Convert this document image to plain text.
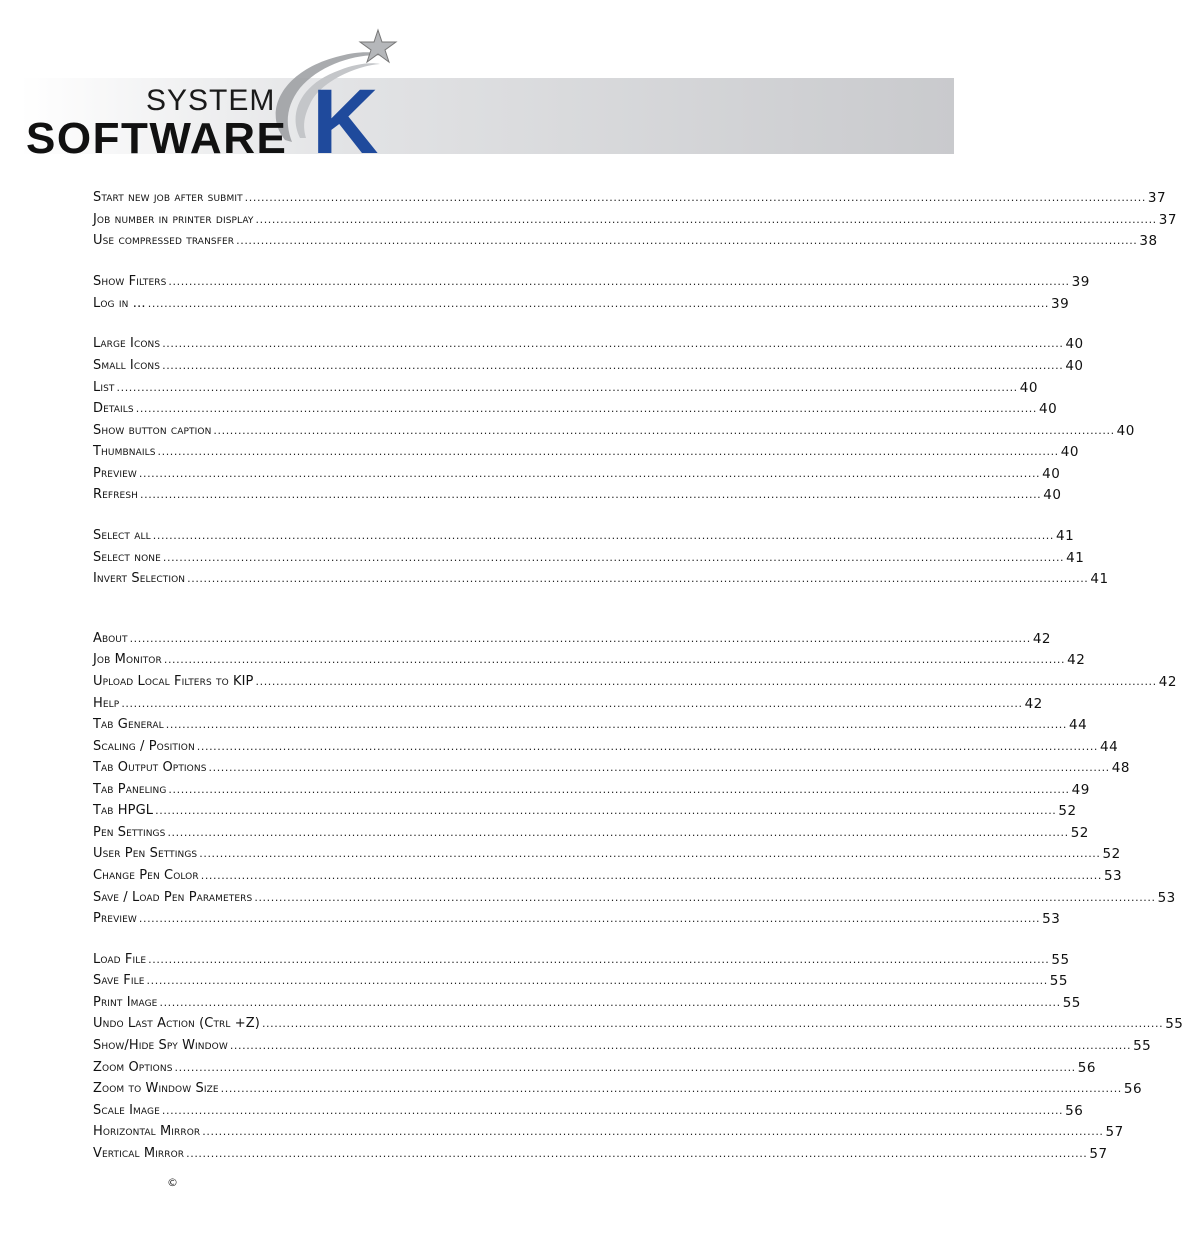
K
SYSTEM
SOFTWARE
Start new job after submit ............................................................................................................................................................................................................................ 37
Job number in printer display ............................................................................................................................................................................................................................ 37
Use compressed transfer ............................................................................................................................................................................................................................ 38
Show Filters ............................................................................................................................................................................................................................ 39
Log in … ............................................................................................................................................................................................................................ 39
Large Icons ............................................................................................................................................................................................................................ 40
Small Icons ............................................................................................................................................................................................................................ 40
List ............................................................................................................................................................................................................................ 40
Details ............................................................................................................................................................................................................................ 40
Show button caption ............................................................................................................................................................................................................................ 40
Thumbnails ............................................................................................................................................................................................................................ 40
Preview ............................................................................................................................................................................................................................ 40
Refresh ............................................................................................................................................................................................................................ 40
Select all ............................................................................................................................................................................................................................ 41
Select none ............................................................................................................................................................................................................................ 41
Invert Selection ............................................................................................................................................................................................................................ 41
About ............................................................................................................................................................................................................................ 42
Job Monitor ............................................................................................................................................................................................................................ 42
Upload Local Filters to KIP ............................................................................................................................................................................................................................ 42
Help ............................................................................................................................................................................................................................ 42
Tab General ............................................................................................................................................................................................................................ 44
Scaling / Position ............................................................................................................................................................................................................................ 44
Tab Output Options ............................................................................................................................................................................................................................ 48
Tab Paneling ............................................................................................................................................................................................................................ 49
Tab HPGL ............................................................................................................................................................................................................................ 52
Pen Settings ............................................................................................................................................................................................................................ 52
User Pen Settings ............................................................................................................................................................................................................................ 52
Change Pen Color ............................................................................................................................................................................................................................ 53
Save / Load Pen Parameters ............................................................................................................................................................................................................................ 53
Preview ............................................................................................................................................................................................................................ 53
Load File ............................................................................................................................................................................................................................ 55
Save File ............................................................................................................................................................................................................................ 55
Print Image ............................................................................................................................................................................................................................ 55
Undo Last Action (Ctrl +Z) ............................................................................................................................................................................................................................ 55
Show/Hide Spy Window ............................................................................................................................................................................................................................ 55
Zoom Options ............................................................................................................................................................................................................................ 56
Zoom to Window Size ............................................................................................................................................................................................................................ 56
Scale Image ............................................................................................................................................................................................................................ 56
Horizontal Mirror ............................................................................................................................................................................................................................ 57
Vertical Mirror ............................................................................................................................................................................................................................ 57
©
